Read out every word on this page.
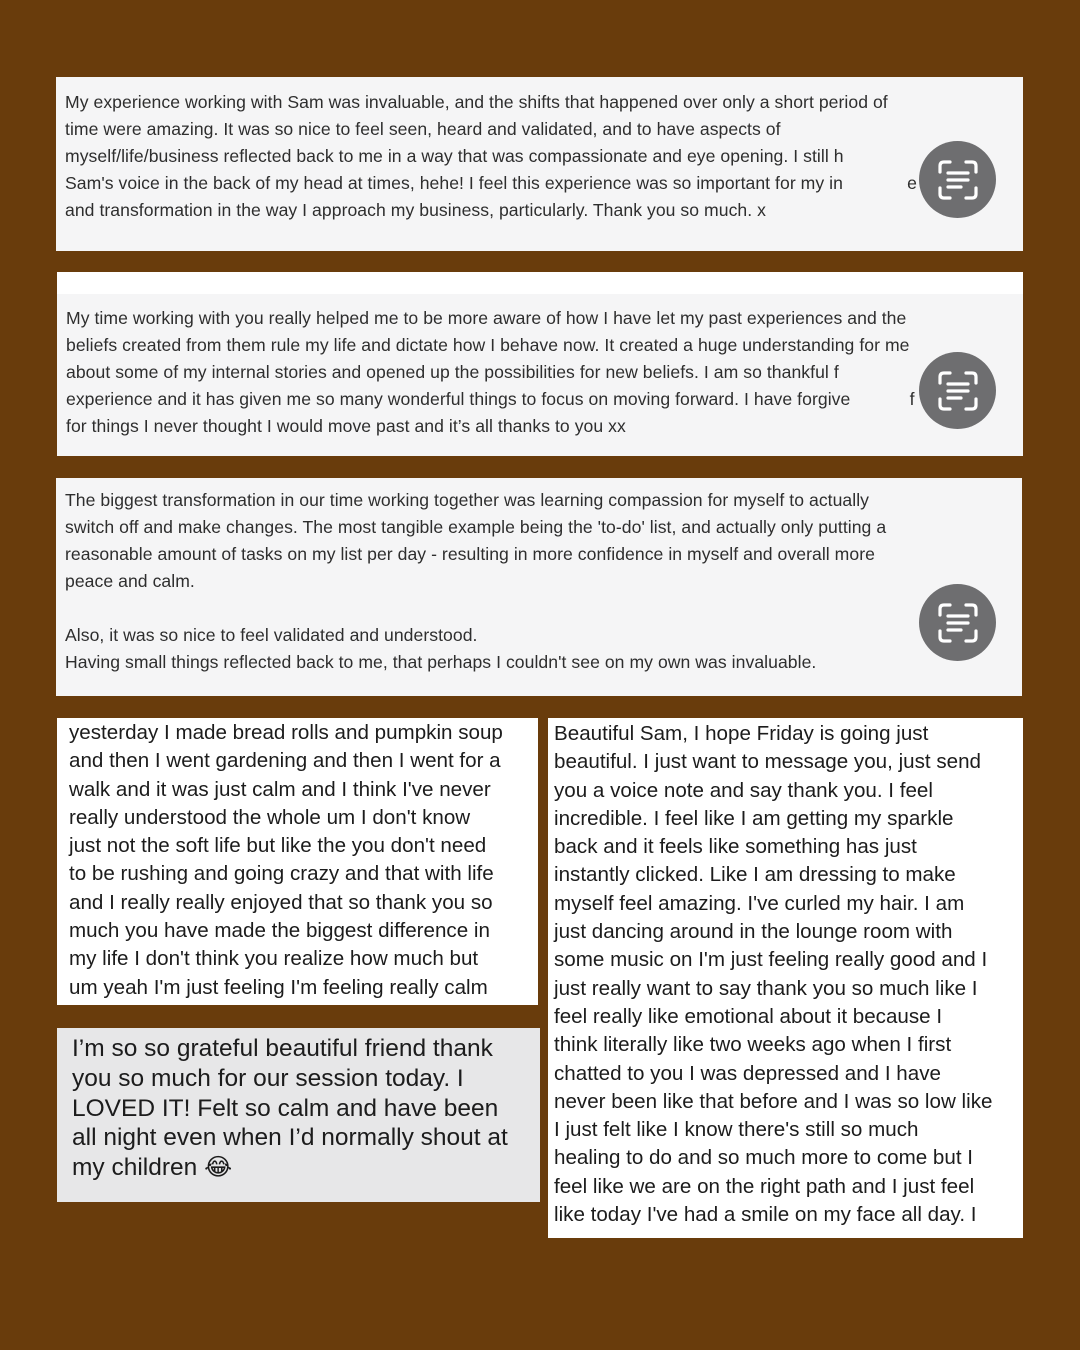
My experience working with Sam was invaluable, and the shifts that happened over only a short period of

time were amazing. It was so nice to feel seen, heard and validated, and to have aspects of

myself/life/business reflected back to me in a way that was compassionate and eye opening. I still h

Sam's voice in the back of my head at times, hehe! I feel this experience was so important for my in             e

and transformation in the way I approach my business, particularly. Thank you so much. x

My time working with you really helped me to be more aware of how I have let my past experiences and the

beliefs created from them rule my life and dictate how I behave now. It created a huge understanding for me

about some of my internal stories and opened up the possibilities for new beliefs. I am so thankful f

experience and it has given me so many wonderful things to focus on moving forward. I have forgive            f

for things I never thought I would move past and it’s all thanks to you xx

The biggest transformation in our time working together was learning compassion for myself to actually

switch off and make changes. The most tangible example being the 'to-do' list, and actually only putting a

reasonable amount of tasks on my list per day - resulting in more confidence in myself and overall more

peace and calm.

Also, it was so nice to feel validated and understood.

Having small things reflected back to me, that perhaps I couldn't see on my own was invaluable.

yesterday I made bread rolls and pumpkin soup
and then I went gardening and then I went for a
walk and it was just calm and I think I've never
really understood the whole um I don't know
just not the soft life but like the you don't need
to be rushing and going crazy and that with life
and I really really enjoyed that so thank you so
much you have made the biggest difference in
my life I don't think you realize how much but
um yeah I'm just feeling I'm feeling really calm
I’m so so grateful beautiful friend thank
you so much for our session today. I
LOVED IT! Felt so calm and have been
all night even when I’d normally shout at
my children 😂
Beautiful Sam, I hope Friday is going just
beautiful. I just want to message you, just send
you a voice note and say thank you. I feel
incredible. I feel like I am getting my sparkle
back and it feels like something has just
instantly clicked. Like I am dressing to make
myself feel amazing. I've curled my hair. I am
just dancing around in the lounge room with
some music on I'm just feeling really good and I
just really want to say thank you so much like I
feel really like emotional about it because I
think literally like two weeks ago when I first
chatted to you I was depressed and I have
never been like that before and I was so low like
I just felt like I know there's still so much
healing to do and so much more to come but I
feel like we are on the right path and I just feel
like today I've had a smile on my face all day. I
